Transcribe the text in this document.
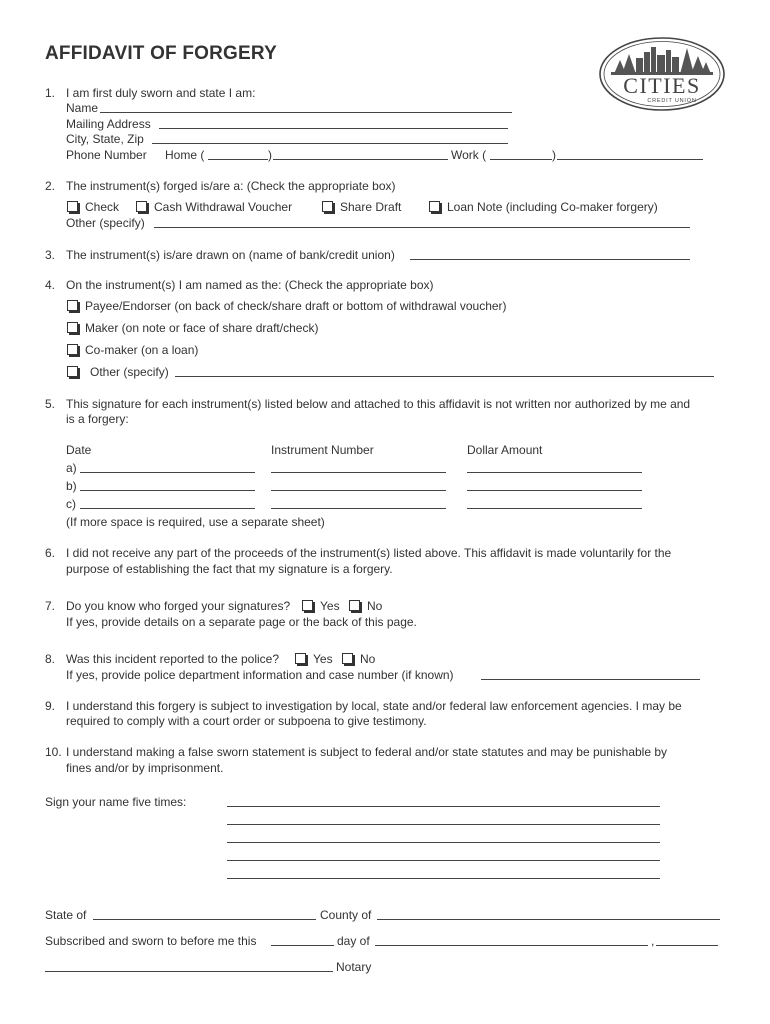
AFFIDAVIT OF FORGERY
CITIES
CREDIT UNION
1. I am first duly sworn and state I am:
Name
Mailing Address
City, State, Zip
Phone Number Home (	)	Work (	)
2. The instrument(s) forged is/are a: (Check the appropriate box)
Check	Cash Withdrawal Voucher	Share Draft	Loan Note (including Co-maker forgery)
Other (specify)
3. The instrument(s) is/are drawn on (name of bank/credit union)
4. On the instrument(s) I am named as the: (Check the appropriate box)
Payee/Endorser (on back of check/share draft or bottom of withdrawal voucher)
Maker (on note or face of share draft/check)
Co-maker (on a loan)
Other (specify)
5. This signature for each instrument(s) listed below and attached to this affidavit is not written nor authorized by me and
is a forgery:
Date	Instrument Number	Dollar Amount
a)
b)
c)
(If more space is required, use a separate sheet)
6. I did not receive any part of the proceeds of the instrument(s) listed above. This affidavit is made voluntarily for the
purpose of establishing the fact that my signature is a forgery.
7. Do you know who forged your signatures?	Yes	No
If yes, provide details on a separate page or the back of this page.
8. Was this incident reported to the police?	Yes	No
If yes, provide police department information and case number (if known)
9. I understand this forgery is subject to investigation by local, state and/or federal law enforcement agencies. I may be
required to comply with a court order or subpoena to give testimony.
10. I understand making a false sworn statement is subject to federal and/or state statutes and may be punishable by
fines and/or by imprisonment.
Sign your name five times:
State of	County of
Subscribed and sworn to before me this	day of	,
Notary
